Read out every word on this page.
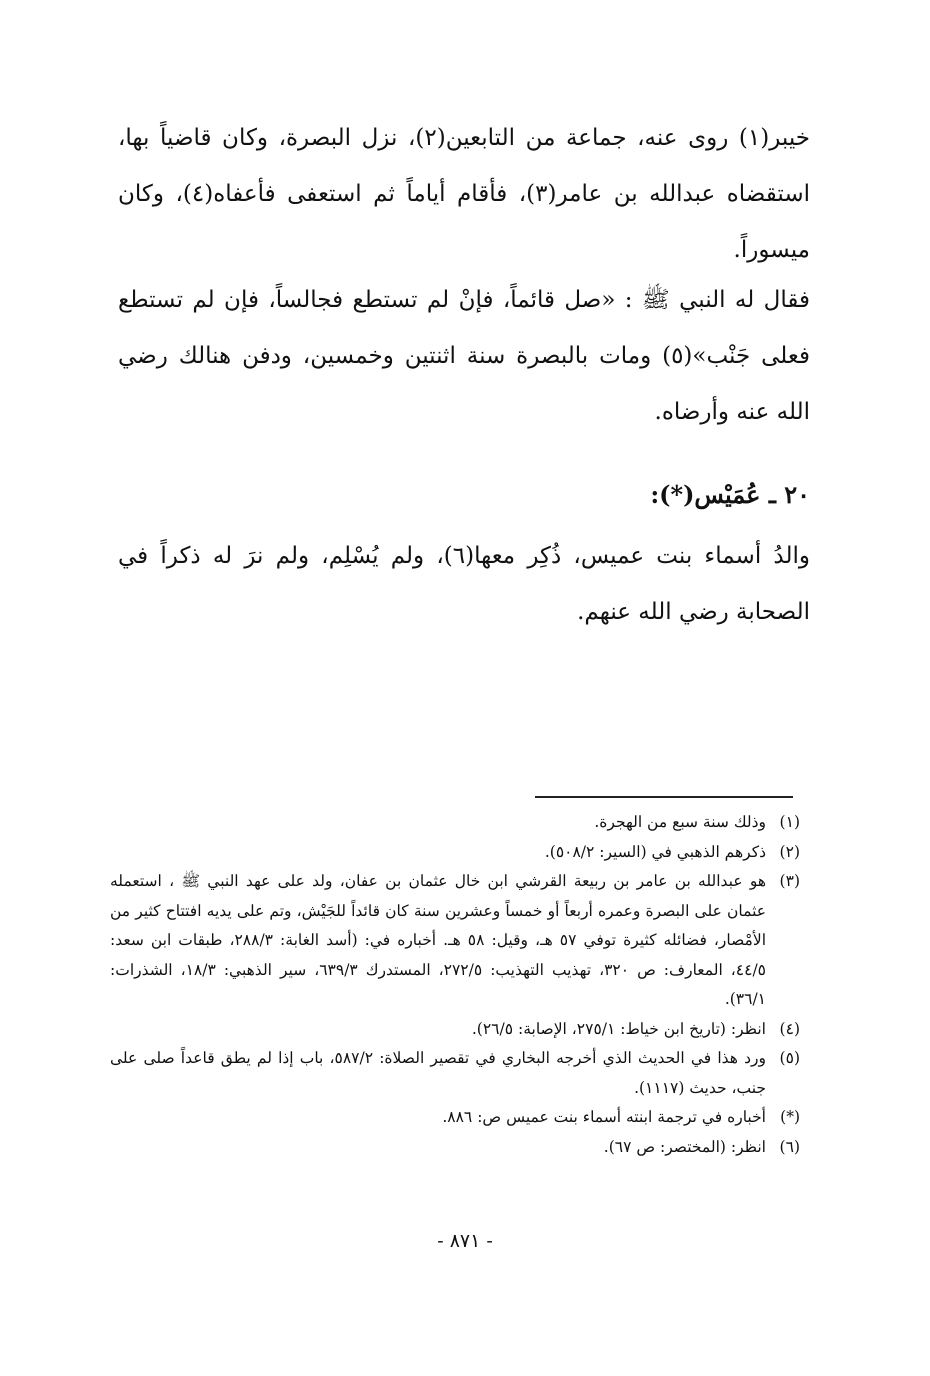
خيبر(١) روى عنه، جماعة من التابعين(٢)، نزل البصرة، وكان قاضياً بها، استقضاه عبدالله بن عامر(٣)، فأقام أياماً ثم استعفى فأعفاه(٤)، وكان ميسوراً.
فقال له النبي ﷺ : «صل قائماً، فإنْ لم تستطع فجالساً، فإن لم تستطع فعلى جَنْب»(٥) ومات بالبصرة سنة اثنتين وخمسين، ودفن هنالك رضي الله عنه وأرضاه.
٢٠ ـ عُمَيْس(*):
والدُ أسماء بنت عميس، ذُكِر معها(٦)، ولم يُسْلِم، ولم نرَ له ذكراً في الصحابة رضي الله عنهم.
(١)
وذلك سنة سبع من الهجرة.
(٢)
ذكرهم الذهبي في (السير: ٥٠٨/٢).
(٣)
هو عبدالله بن عامر بن ربيعة القرشي ابن خال عثمان بن عفان، ولد على عهد النبي ﷺ ، استعمله عثمان على البصرة وعمره أربعاً أو خمساً وعشرين سنة كان قائداً للجَيْش، وتم على يديه افتتاح كثير من الأمْصار، فضائله كثيرة توفي ٥٧ هـ، وقيل: ٥٨ هـ. أخباره في: (أسد الغابة: ٢٨٨/٣، طبقات ابن سعد: ٤٤/٥، المعارف: ص ٣٢٠، تهذيب التهذيب: ٢٧٢/٥، المستدرك ٦٣٩/٣، سير الذهبي: ١٨/٣، الشذرات: ٣٦/١).
(٤)
انظر: (تاريخ ابن خياط: ٢٧٥/١، الإصابة: ٢٦/٥).
(٥)
ورد هذا في الحديث الذي أخرجه البخاري في تقصير الصلاة: ٥٨٧/٢، باب إذا لم يطق قاعداً صلى على جنب، حديث (١١١٧).
(*)
أخباره في ترجمة ابنته أسماء بنت عميس ص: ٨٨٦.
(٦)
انظر: (المختصر: ص ٦٧).
- ٨٧١ -
